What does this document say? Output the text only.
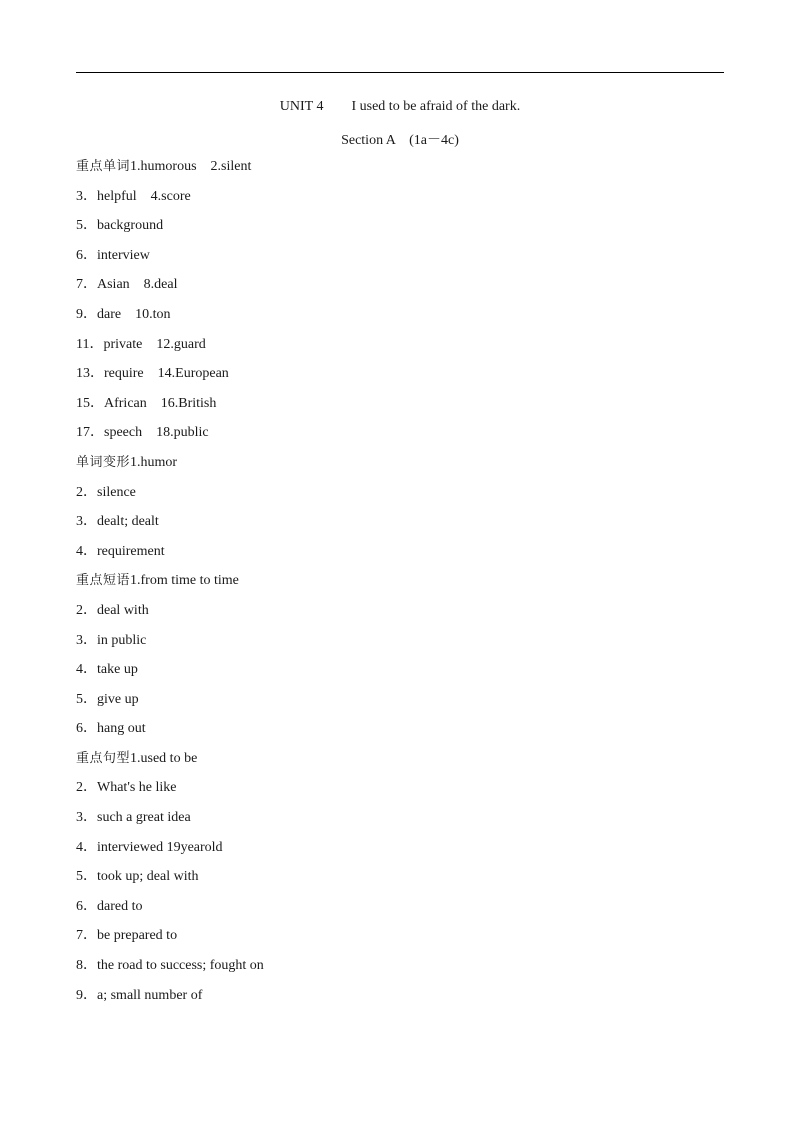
UNIT 4 I used to be afraid of the dark.
Section A (1a－4c)
重点单词1.humorous    2.silent
3．helpful    4.score
5．background
6．interview
7．Asian    8.deal
9．dare    10.ton
11．private    12.guard
13．require    14.European
15．African    16.British
17．speech    18.public
单词变形1.humor
2．silence
3．dealt; dealt
4．requirement
重点短语1.from time to time
2．deal with
3．in public
4．take up
5．give up
6．hang out
重点句型1.used to be
2．What's he like
3．such a great idea
4．interviewed 19yearold
5．took up; deal with
6．dared to
7．be prepared to
8．the road to success; fought on
9．a; small number of
